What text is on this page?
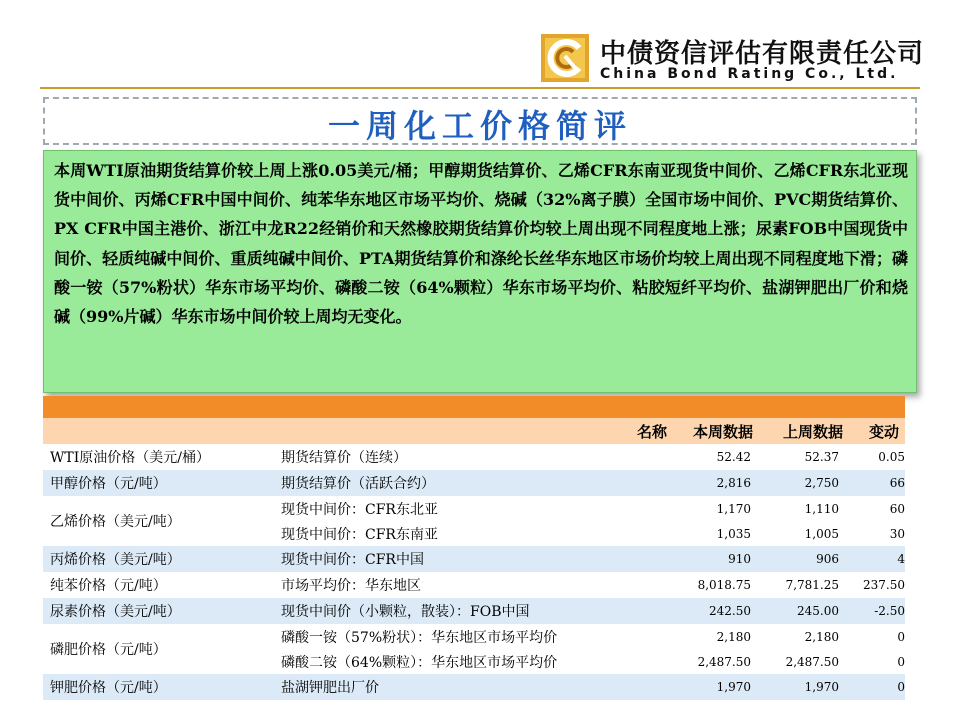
中债资信评估有限责任公司
China Bond Rating Co., Ltd.
一周化工价格简评
本周WTI原油期货结算价较上周上涨0.05美元/桶；甲醇期货结算价、乙烯CFR东南亚现货中间价、乙烯CFR东北亚现货中间价、丙烯CFR中国中间价、纯苯华东地区市场平均价、烧碱（32%离子膜）全国市场中间价、PVC期货结算价、PX CFR中国主港价、浙江中龙R22经销价和天然橡胶期货结算价均较上周出现不同程度地上涨；尿素FOB中国现货中间价、轻质纯碱中间价、重质纯碱中间价、PTA期货结算价和涤纶长丝华东地区市场价均较上周出现不同程度地下滑；磷酸一铵（57%粉状）华东市场平均价、磷酸二铵（64%颗粒）华东市场平均价、粘胶短纤平均价、盐湖钾肥出厂价和烧碱（99%片碱）华东市场中间价较上周均无变化。
	名称	本周数据	上周数据	变动
WTI原油价格（美元/桶）	期货结算价（连续）	52.42	52.37	0.05
甲醇价格（元/吨）	期货结算价（活跃合约）	2,816	2,750	66
乙烯价格（美元/吨）	现货中间价：CFR东北亚	1,170	1,110	60
	现货中间价：CFR东南亚	1,035	1,005	30
丙烯价格（美元/吨）	现货中间价：CFR中国	910	906	4
纯苯价格（元/吨）	市场平均价：华东地区	8,018.75	7,781.25	237.50
尿素价格（美元/吨）	现货中间价（小颗粒，散装）：FOB中国	242.50	245.00	-2.50
磷肥价格（元/吨）	磷酸一铵（57%粉状）：华东地区市场平均价	2,180	2,180	0
	磷酸二铵（64%颗粒）：华东地区市场平均价	2,487.50	2,487.50	0
钾肥价格（元/吨）	盐湖钾肥出厂价	1,970	1,970	0
